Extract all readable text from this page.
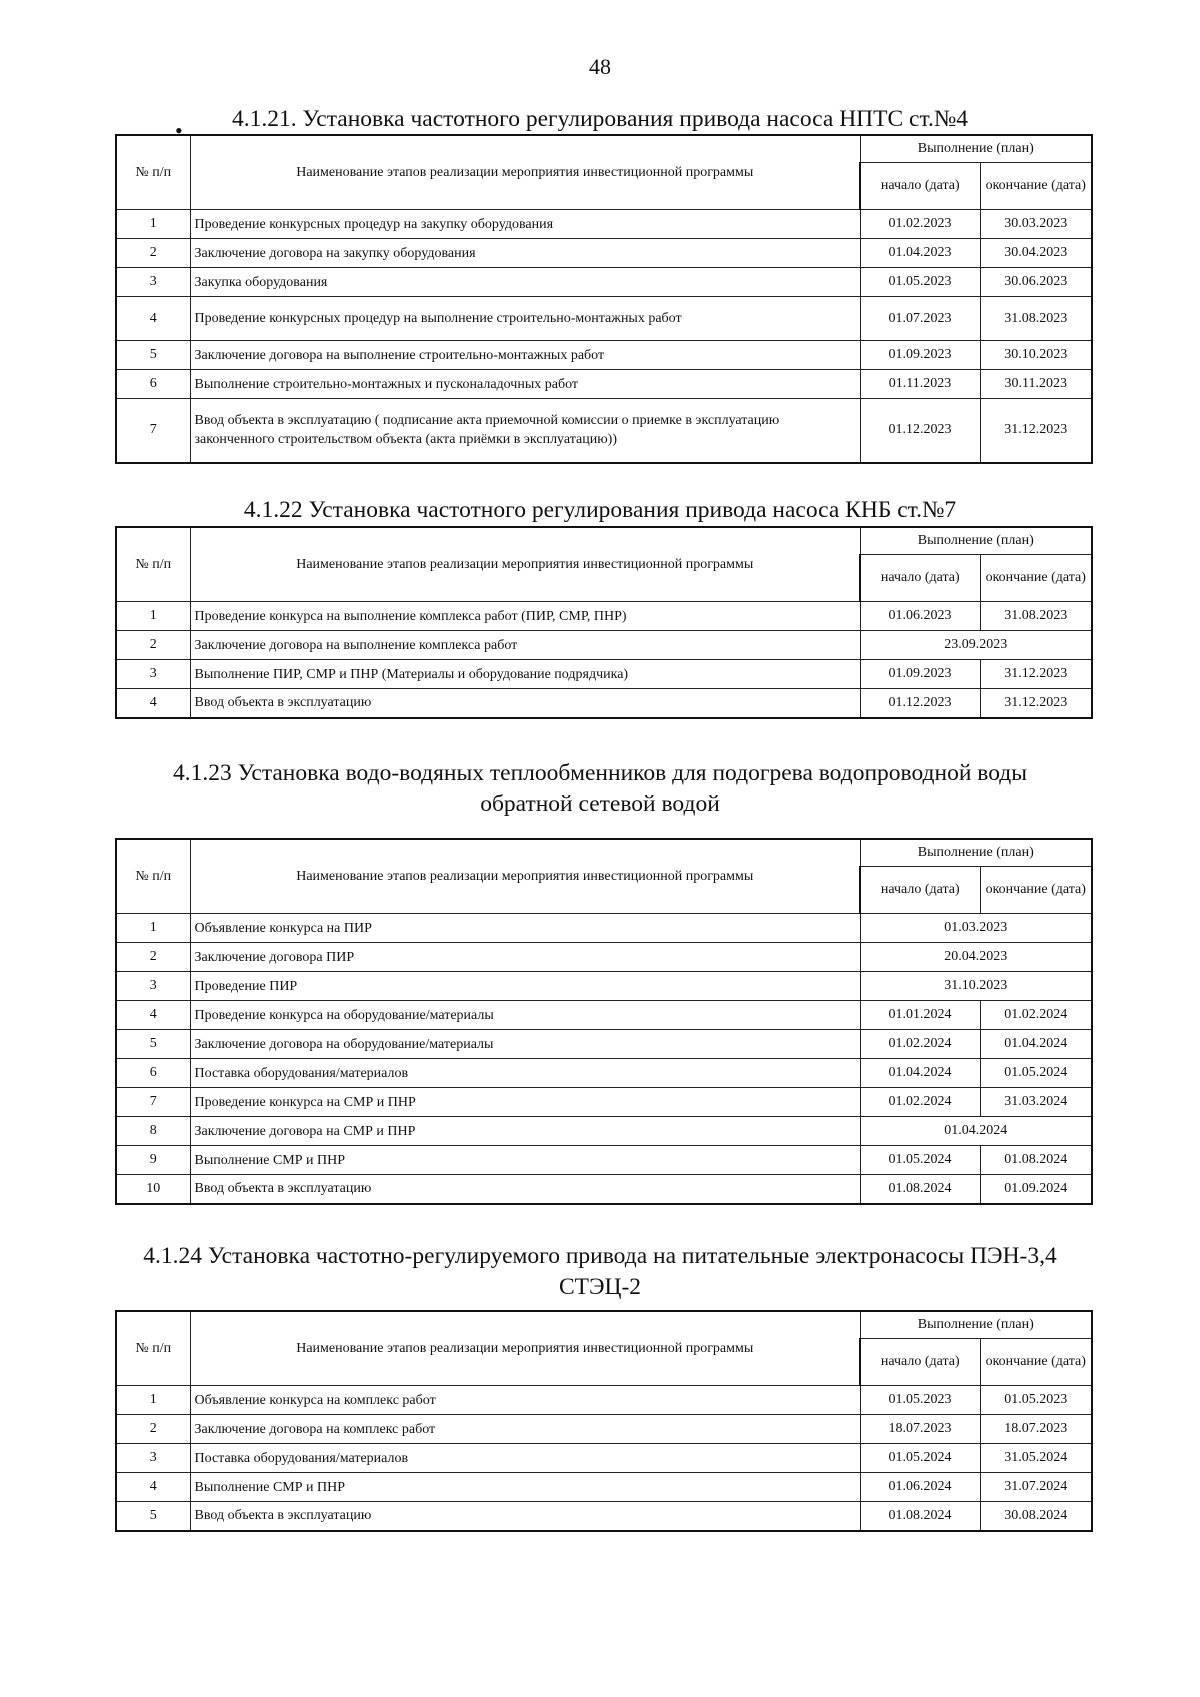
48
•	4.1.21. Установка частотного регулирования привода насоса НПТС ст.№4
№ п/п	Наименование этапов реализации мероприятия инвестиционной программы	Выполнение (план)	
		начало (дата)	окончание (дата)
1	Проведение конкурсных процедур на закупку оборудования	01.02.2023	30.03.2023
2	Заключение договора на закупку оборудования	01.04.2023	30.04.2023
3	Закупка оборудования	01.05.2023	30.06.2023
4	Проведение конкурсных процедур на выполнение строительно-монтажных работ	01.07.2023	31.08.2023
5	Заключение договора на выполнение строительно-монтажных работ	01.09.2023	30.10.2023
6	Выполнение строительно-монтажных и пусконаладочных работ	01.11.2023	30.11.2023
7	Ввод объекта в эксплуатацию ( подписание акта приемочной комиссии о приемке в эксплуатацию законченного строительством объекта (акта приёмки в эксплуатацию))	01.12.2023	31.12.2023
4.1.22 Установка частотного регулирования привода насоса КНБ ст.№7
№ п/п	Наименование этапов реализации мероприятия инвестиционной программы	Выполнение (план)	
		начало (дата)	окончание (дата)
1	Проведение конкурса на выполнение комплекса работ (ПИР, СМР, ПНР)	01.06.2023	31.08.2023
2	Заключение договора на выполнение комплекса работ	23.09.2023	
3	Выполнение ПИР, СМР и ПНР (Материалы и оборудование подрядчика)	01.09.2023	31.12.2023
4	Ввод объекта в эксплуатацию	01.12.2023	31.12.2023
4.1.23 Установка водо-водяных теплообменников для подогрева водопроводной воды
обратной сетевой водой
№ п/п	Наименование этапов реализации мероприятия инвестиционной программы	Выполнение (план)	
		начало (дата)	окончание (дата)
1	Объявление конкурса на ПИР	01.03.2023	
2	Заключение договора ПИР	20.04.2023	
3	Проведение ПИР	31.10.2023	
4	Проведение конкурса на оборудование/материалы	01.01.2024	01.02.2024
5	Заключение договора на оборудование/материалы	01.02.2024	01.04.2024
6	Поставка оборудования/материалов	01.04.2024	01.05.2024
7	Проведение конкурса на СМР и ПНР	01.02.2024	31.03.2024
8	Заключение договора на СМР и ПНР	01.04.2024	
9	Выполнение СМР и ПНР	01.05.2024	01.08.2024
10	Ввод объекта в эксплуатацию	01.08.2024	01.09.2024
4.1.24 Установка частотно-регулируемого привода на питательные электронасосы ПЭН-3,4
СТЭЦ-2
№ п/п	Наименование этапов реализации мероприятия инвестиционной программы	Выполнение (план)	
		начало (дата)	окончание (дата)
1	Объявление конкурса на комплекс работ	01.05.2023	01.05.2023
2	Заключение договора на комплекс работ	18.07.2023	18.07.2023
3	Поставка оборудования/материалов	01.05.2024	31.05.2024
4	Выполнение СМР и ПНР	01.06.2024	31.07.2024
5	Ввод объекта в эксплуатацию	01.08.2024	30.08.2024
